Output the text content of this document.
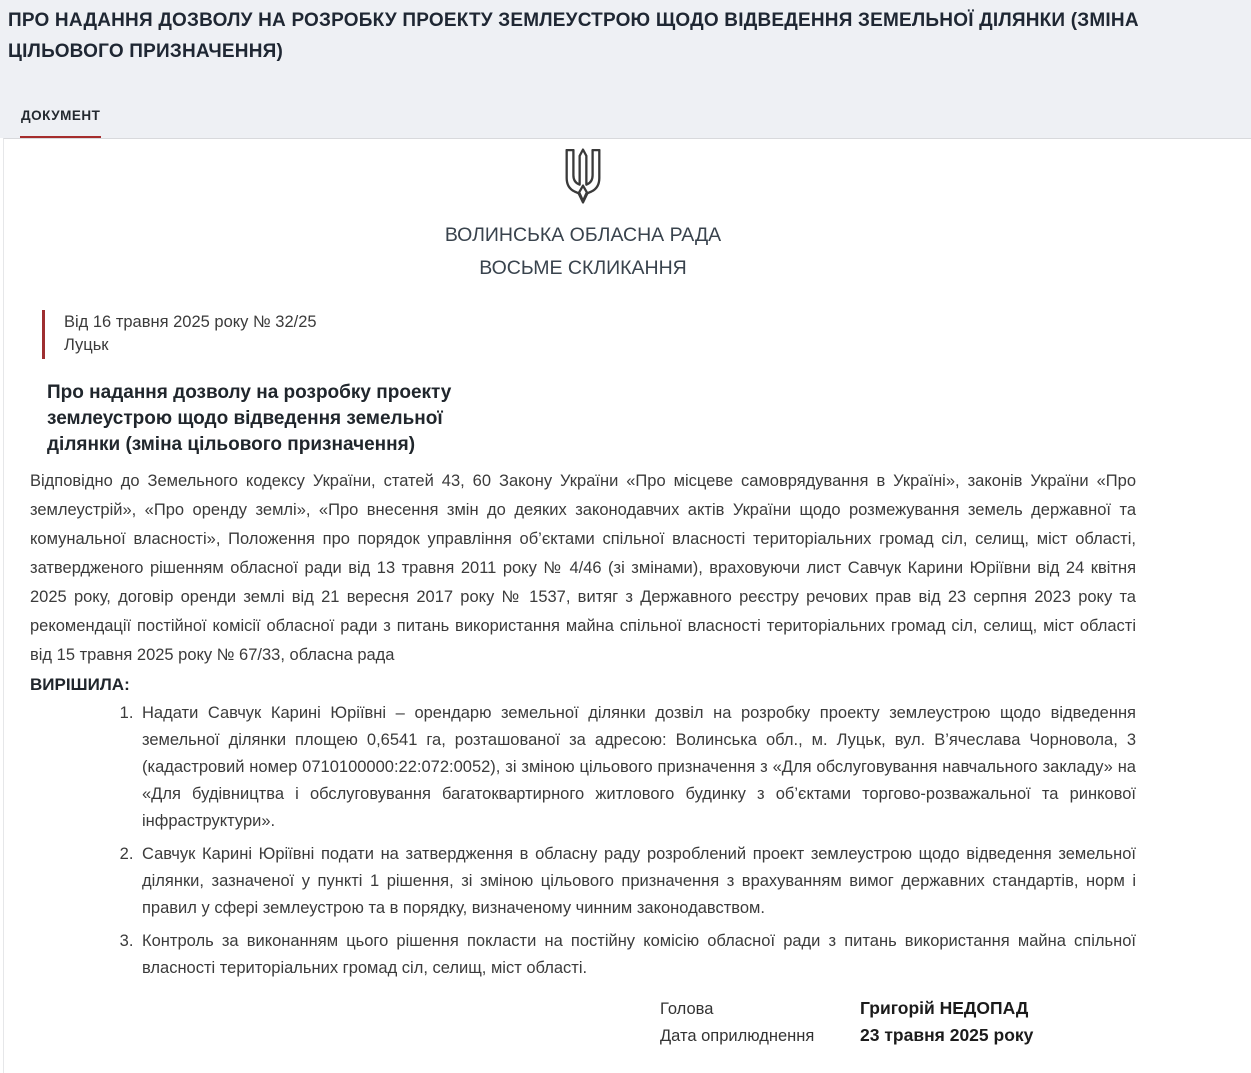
ПРО НАДАННЯ ДОЗВОЛУ НА РОЗРОБКУ ПРОЕКТУ ЗЕМЛЕУСТРОЮ ЩОДО ВІДВЕДЕННЯ ЗЕМЕЛЬНОЇ ДІЛЯНКИ (ЗМІНА ЦІЛЬОВОГО ПРИЗНАЧЕННЯ)
ДОКУМЕНТ
ВОЛИНСЬКА ОБЛАСНА РАДА
ВОСЬМЕ СКЛИКАННЯ
Від 16 травня 2025 року № 32/25
Луцьк
Про надання дозволу на розробку проекту землеустрою щодо відведення земельної ділянки (зміна цільового призначення)

Відповідно до Земельного кодексу України, статей 43, 60 Закону України «Про місцеве самоврядування в Україні», законів України «Про землеустрій», «Про оренду землі», «Про внесення змін до деяких законодавчих актів України щодо розмежування земель державної та комунальної власності», Положення про порядок управління об’єктами спільної власності територіальних громад сіл, селищ, міст області, затвердженого рішенням обласної ради від 13 травня 2011 року № 4/46 (зі змінами), враховуючи лист Савчук Карини Юріївни від 24 квітня 2025 року, договір оренди землі від 21 вересня 2017 року № 1537, витяг з Державного реєстру речових прав від 23 серпня 2023 року та рекомендації постійної комісії обласної ради з питань використання майна спільної власності територіальних громад сіл, селищ, міст області від 15 травня 2025 року № 67/33, обласна рада

ВИРІШИЛА:

1. Надати Савчук Карині Юріївні – орендарю земельної ділянки дозвіл на розробку проекту землеустрою щодо відведення земельної ділянки площею 0,6541 га, розташованої за адресою: Волинська обл., м. Луцьк, вул. В’ячеслава Чорновола, 3 (кадастровий номер 0710100000:22:072:0052), зі зміною цільового призначення з «Для обслуговування навчального закладу» на «Для будівництва і обслуговування багатоквартирного житлового будинку з об’єктами торгово-розважальної та ринкової інфраструктури».
2. Савчук Карині Юріївні подати на затвердження в обласну раду розроблений проект землеустрою щодо відведення земельної ділянки, зазначеної у пункті 1 рішення, зі зміною цільового призначення з врахуванням вимог державних стандартів, норм і правил у сфері землеустрою та в порядку, визначеному чинним законодавством.
3. Контроль за виконанням цього рішення покласти на постійну комісію обласної ради з питань використання майна спільної власності територіальних громад сіл, селищ, міст області.
Голова	Григорій НЕДОПАД
Дата оприлюднення	23 травня 2025 року
